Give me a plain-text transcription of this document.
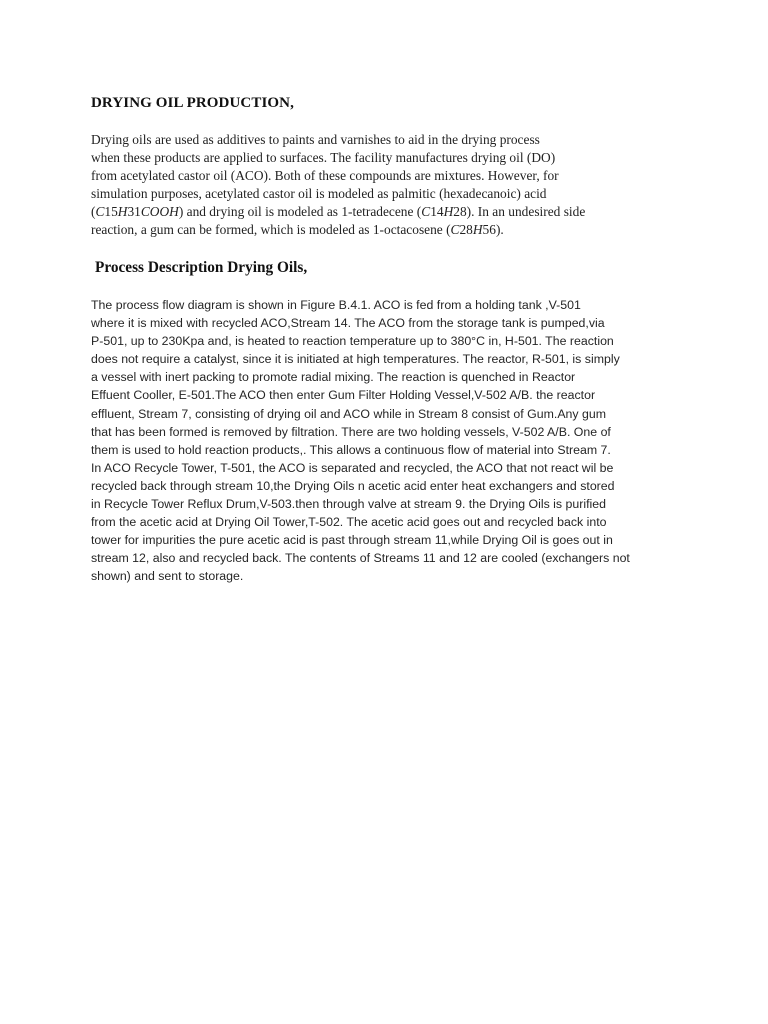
DRYING OIL PRODUCTION,

Drying oils are used as additives to paints and varnishes to aid in the drying process
when these products are applied to surfaces. The facility manufactures drying oil (DO)
from acetylated castor oil (ACO). Both of these compounds are mixtures. However, for
simulation purposes, acetylated castor oil is modeled as palmitic (hexadecanoic) acid
(C15H31COOH) and drying oil is modeled as 1-tetradecene (C14H28). In an undesired side
reaction, a gum can be formed, which is modeled as 1-octacosene (C28H56).

Process Description Drying Oils,

The process flow diagram is shown in Figure B.4.1. ACO is fed from a holding tank ,V-501
where it is mixed with recycled ACO,Stream 14. The ACO from the storage tank is pumped,via
P-501, up to 230Kpa and, is heated to reaction temperature up to 380°C in, H-501. The reaction
does not require a catalyst, since it is initiated at high temperatures. The reactor, R-501, is simply
a vessel with inert packing to promote radial mixing. The reaction is quenched in Reactor
Effuent Cooller, E-501.The ACO then enter Gum Filter Holding Vessel,V-502 A/B. the reactor
effluent, Stream 7, consisting of drying oil and ACO while in Stream 8 consist of Gum.Any gum
that has been formed is removed by filtration. There are two holding vessels, V-502 A/B. One of
them is used to hold reaction products,. This allows a continuous flow of material into Stream 7.
In ACO Recycle Tower, T-501, the ACO is separated and recycled, the ACO that not react wil be
recycled back through stream 10,the Drying Oils n acetic acid enter heat exchangers and stored
in Recycle Tower Reflux Drum,V-503.then through valve at stream 9. the Drying Oils is purified
from the acetic acid at Drying Oil Tower,T-502. The acetic acid goes out and recycled back into
tower for impurities the pure acetic acid is past through stream 11,while Drying Oil is goes out in
stream 12, also and recycled back. The contents of Streams 11 and 12 are cooled (exchangers not
shown) and sent to storage.
